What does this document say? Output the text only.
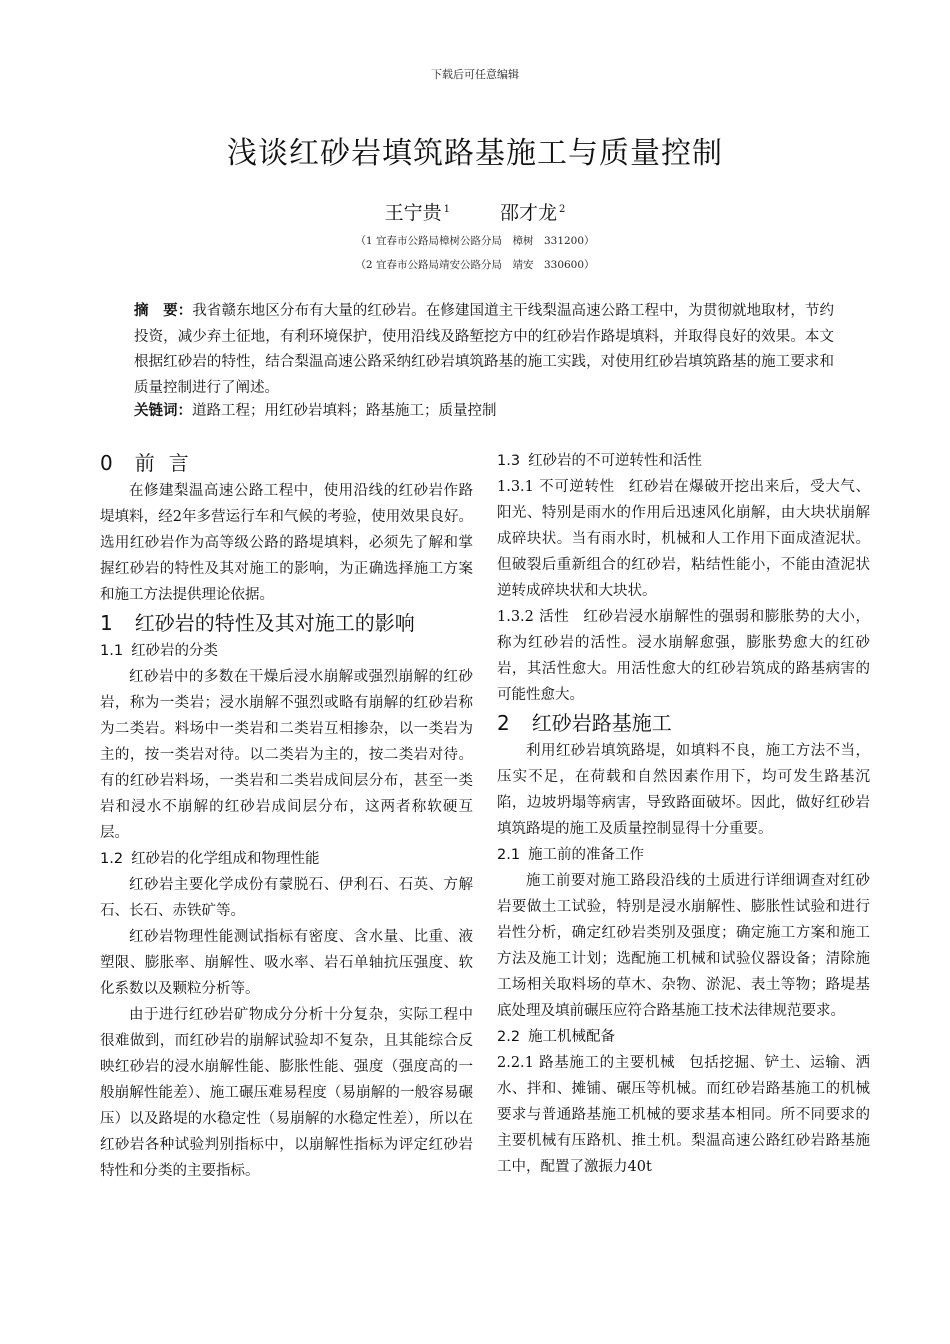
下载后可任意编辑
浅谈红砂岩填筑路基施工与质量控制
王宁贵 $^1$	邵才龙 $^2$
（1 宜春市公路局樟树公路分局　樟树　331200）
（2 宜春市公路局靖安公路分局　靖安　330600）
摘　要：我省赣东地区分布有大量的红砂岩。在修建国道主干线梨温高速公路工程中，为贯彻就地取材，节约投资，减少弃土征地，有利环境保护，使用沿线及路堑挖方中的红砂岩作路堤填料，并取得良好的效果。本文根据红砂岩的特性，结合梨温高速公路采纳红砂岩填筑路基的施工实践，对使用红砂岩填筑路基的施工要求和质量控制进行了阐述。
关链词：道路工程；用红砂岩填料；路基施工；质量控制
0 前言

在修建梨温高速公路工程中，使用沿线的红砂岩作路堤填料，经2年多营运行车和气候的考验，使用效果良好。选用红砂岩作为高等级公路的路堤填料，必须先了解和掌握红砂岩的特性及其对施工的影响，为正确选择施工方案和施工方法提供理论依据。

1 红砂岩的特性及其对施工的影响
1.1 红砂岩的分类

红砂岩中的多数在干燥后浸水崩解或强烈崩解的红砂岩，称为一类岩；浸水崩解不强烈或略有崩解的红砂岩称为二类岩。料场中一类岩和二类岩互相掺杂，以一类岩为主的，按一类岩对待。以二类岩为主的，按二类岩对待。有的红砂岩料场，一类岩和二类岩成间层分布，甚至一类岩和浸水不崩解的红砂岩成间层分布，这两者称软硬互层。

1.2 红砂岩的化学组成和物理性能

红砂岩主要化学成份有蒙脱石、伊利石、石英、方解石、长石、赤铁矿等。

红砂岩物理性能测试指标有密度、含水量、比重、液塑限、膨胀率、崩解性、吸水率、岩石单轴抗压强度、软化系数以及颗粒分析等。

由于进行红砂岩矿物成分分析十分复杂，实际工程中很难做到，而红砂岩的崩解试验却不复杂，且其能综合反映红砂岩的浸水崩解性能、膨胀性能、强度（强度高的一般崩解性能差）、施工碾压难易程度（易崩解的一般容易碾压）以及路堤的水稳定性（易崩解的水稳定性差），所以在红砂岩各种试验判别指标中，以崩解性指标为评定红砂岩特性和分类的主要指标。

1.3 红砂岩的不可逆转性和活性

1.3.1 不可逆转性 红砂岩在爆破开挖出来后，受大气、阳光、特别是雨水的作用后迅速风化崩解，由大块状崩解成碎块状。当有雨水时，机械和人工作用下面成渣泥状。但破裂后重新组合的红砂岩，粘结性能小，不能由渣泥状逆转成碎块状和大块状。

1.3.2 活性 红砂岩浸水崩解性的强弱和膨胀势的大小，称为红砂岩的活性。浸水崩解愈强，膨胀势愈大的红砂岩，其活性愈大。用活性愈大的红砂岩筑成的路基病害的可能性愈大。

2 红砂岩路基施工

利用红砂岩填筑路堤，如填料不良，施工方法不当，压实不足，在荷载和自然因素作用下，均可发生路基沉陷，边坡坍塌等病害，导致路面破坏。因此，做好红砂岩填筑路堤的施工及质量控制显得十分重要。

2.1 施工前的准备工作

施工前要对施工路段沿线的土质进行详细调查对红砂岩要做土工试验，特别是浸水崩解性、膨胀性试验和进行岩性分析，确定红砂岩类别及强度；确定施工方案和施工方法及施工计划；选配施工机械和试验仪器设备；清除施工场相关取料场的草木、杂物、淤泥、表土等物；路堤基底处理及填前碾压应符合路基施工技术法律规范要求。

2.2 施工机械配备

2.2.1 路基施工的主要机械 包括挖掘、铲土、运输、洒水、拌和、摊铺、碾压等机械。而红砂岩路基施工的机械要求与普通路基施工机械的要求基本相同。所不同要求的主要机械有压路机、推土机。梨温高速公路红砂岩路基施工中，配置了激振力40t
